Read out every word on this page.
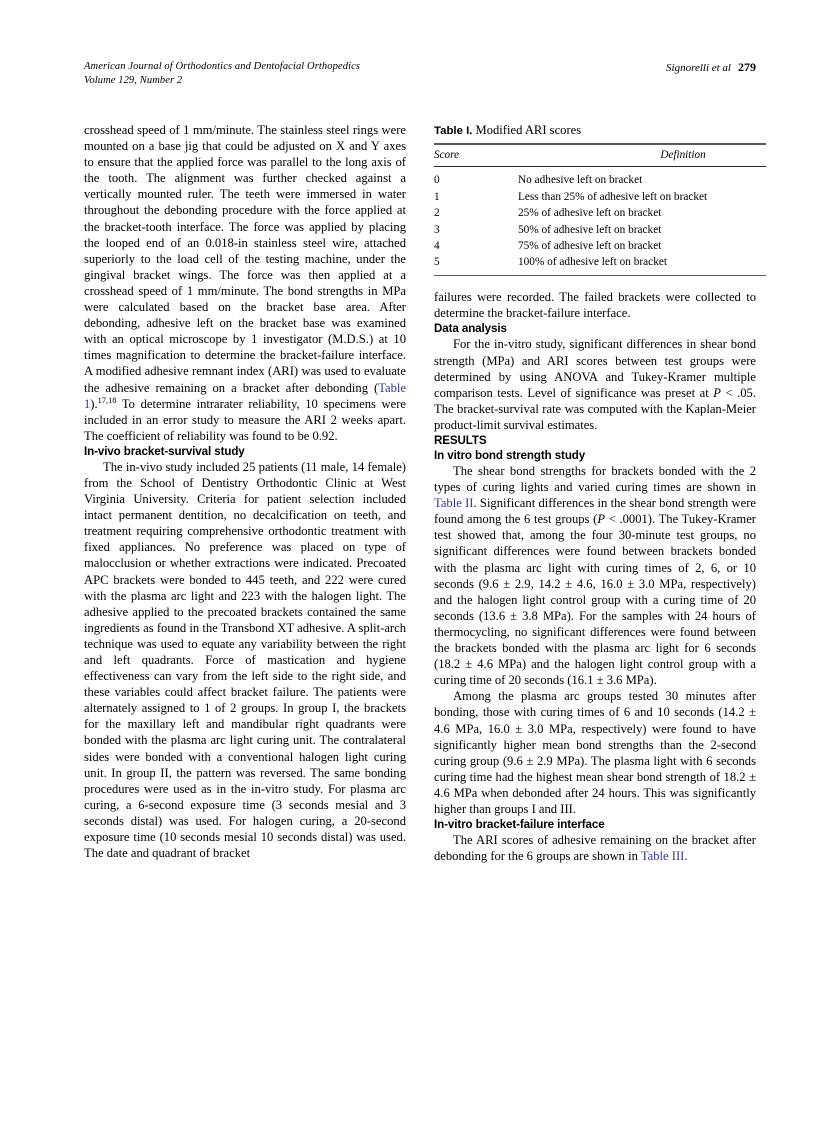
American Journal of Orthodontics and Dentofacial Orthopedics
Volume 129, Number 2
Signorelli et al 279

crosshead speed of 1 mm/minute. The stainless steel rings were mounted on a base jig that could be adjusted on X and Y axes to ensure that the applied force was parallel to the long axis of the tooth. The alignment was further checked against a vertically mounted ruler. The teeth were immersed in water throughout the debonding procedure with the force applied at the bracket-tooth interface. The force was applied by placing the looped end of an 0.018-in stainless steel wire, attached superiorly to the load cell of the testing machine, under the gingival bracket wings. The force was then applied at a crosshead speed of 1 mm/minute. The bond strengths in MPa were calculated based on the bracket base area. After debonding, adhesive left on the bracket base was examined with an optical microscope by 1 investigator (M.D.S.) at 10 times magnification to determine the bracket-failure interface. A modified adhesive remnant index (ARI) was used to evaluate the adhesive remaining on a bracket after debonding (Table 1).$^{17,18}$ To determine intrarater reliability, 10 specimens were included in an error study to measure the ARI 2 weeks apart. The coefficient of reliability was found to be 0.92.

In-vivo bracket-survival study

The in-vivo study included 25 patients (11 male, 14 female) from the School of Dentistry Orthodontic Clinic at West Virginia University. Criteria for patient selection included intact permanent dentition, no decalcification on teeth, and treatment requiring comprehensive orthodontic treatment with fixed appliances. No preference was placed on type of malocclusion or whether extractions were indicated. Precoated APC brackets were bonded to 445 teeth, and 222 were cured with the plasma arc light and 223 with the halogen light. The adhesive applied to the precoated brackets contained the same ingredients as found in the Transbond XT adhesive. A split-arch technique was used to equate any variability between the right and left quadrants. Force of mastication and hygiene effectiveness can vary from the left side to the right side, and these variables could affect bracket failure. The patients were alternately assigned to 1 of 2 groups. In group I, the brackets for the maxillary left and mandibular right quadrants were bonded with the plasma arc light curing unit. The contralateral sides were bonded with a conventional halogen light curing unit. In group II, the pattern was reversed. The same bonding procedures were used as in the in-vitro study. For plasma arc curing, a 6-second exposure time (3 seconds mesial and 3 seconds distal) was used. For halogen curing, a 20-second exposure time (10 seconds mesial 10 seconds distal) was used. The date and quadrant of bracket

Table I. Modified ARI scores
Score	Definition
0	No adhesive left on bracket
1	Less than 25% of adhesive left on bracket
2	25% of adhesive left on bracket
3	50% of adhesive left on bracket
4	75% of adhesive left on bracket
5	100% of adhesive left on bracket

failures were recorded. The failed brackets were collected to determine the bracket-failure interface.

Data analysis

For the in-vitro study, significant differences in shear bond strength (MPa) and ARI scores between test groups were determined by using ANOVA and Tukey-Kramer multiple comparison tests. Level of significance was preset at P < .05. The bracket-survival rate was computed with the Kaplan-Meier product-limit survival estimates.

RESULTS
In vitro bond strength study

The shear bond strengths for brackets bonded with the 2 types of curing lights and varied curing times are shown in Table II. Significant differences in the shear bond strength were found among the 6 test groups (P < .0001). The Tukey-Kramer test showed that, among the four 30-minute test groups, no significant differences were found between brackets bonded with the plasma arc light with curing times of 2, 6, or 10 seconds (9.6 ± 2.9, 14.2 ± 4.6, 16.0 ± 3.0 MPa, respectively) and the halogen light control group with a curing time of 20 seconds (13.6 ± 3.8 MPa). For the samples with 24 hours of thermocycling, no significant differences were found between the brackets bonded with the plasma arc light for 6 seconds (18.2 ± 4.6 MPa) and the halogen light control group with a curing time of 20 seconds (16.1 ± 3.6 MPa).

Among the plasma arc groups tested 30 minutes after bonding, those with curing times of 6 and 10 seconds (14.2 ± 4.6 MPa, 16.0 ± 3.0 MPa, respectively) were found to have significantly higher mean bond strengths than the 2-second curing group (9.6 ± 2.9 MPa). The plasma light with 6 seconds curing time had the highest mean shear bond strength of 18.2 ± 4.6 MPa when debonded after 24 hours. This was significantly higher than groups I and III.

In-vitro bracket-failure interface

The ARI scores of adhesive remaining on the bracket after debonding for the 6 groups are shown in Table III.
